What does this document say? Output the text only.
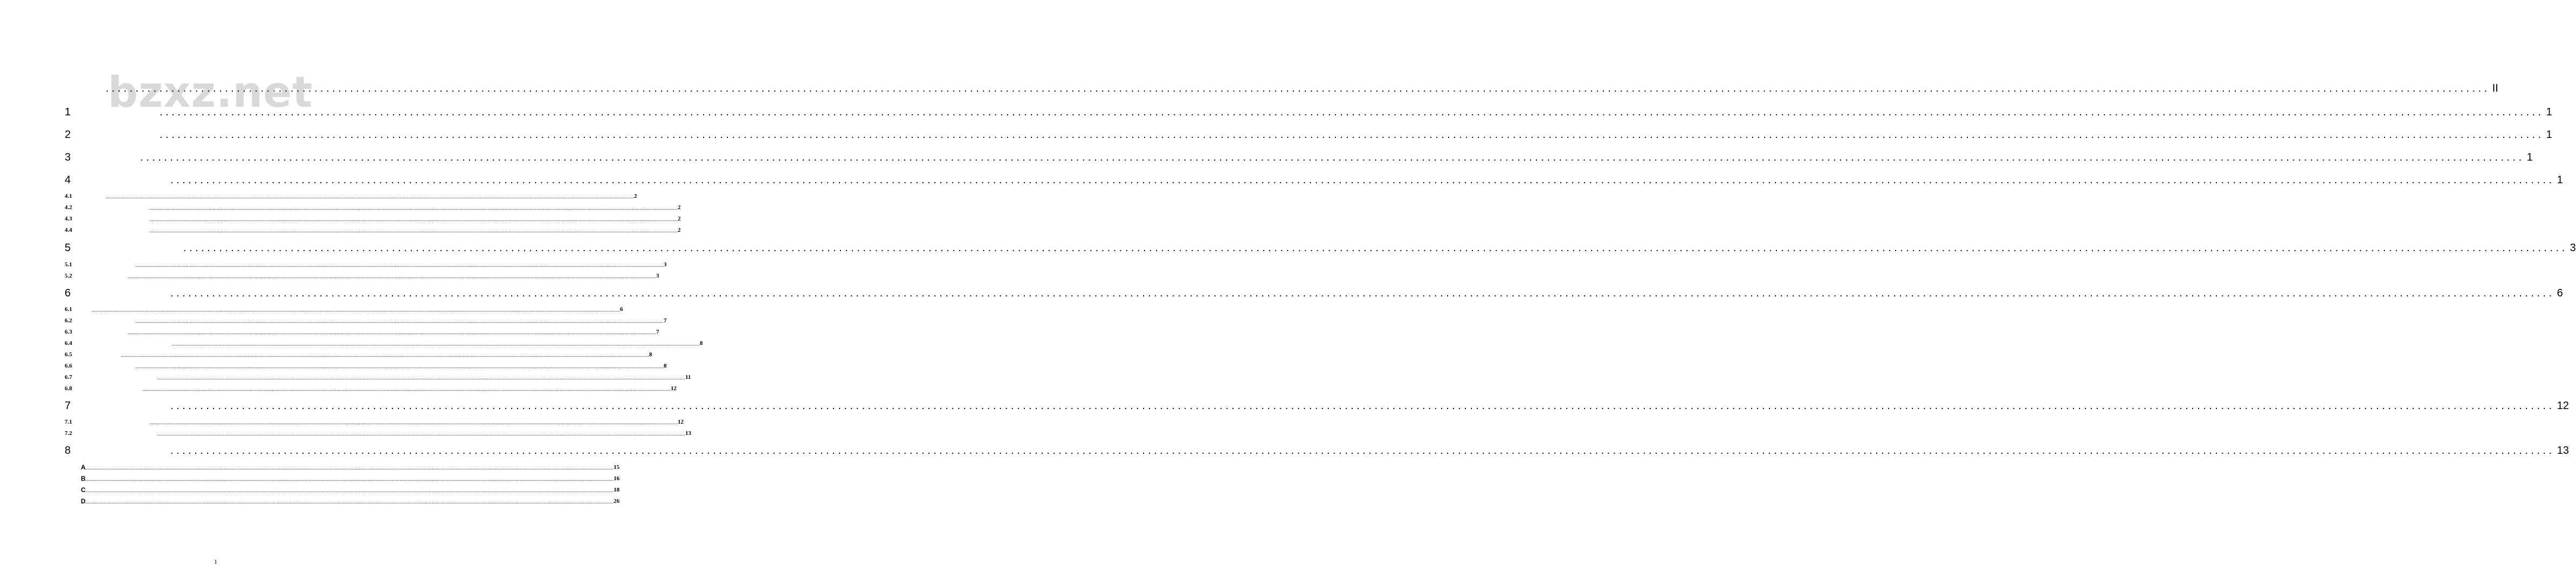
bzxz.net
................................................................................................................................................................................................................................................................................................................................................................................................................ II
1	................................................................................................................................................................................................................................................................................................................................................................................................................ 1
2	................................................................................................................................................................................................................................................................................................................................................................................................................ 1
3	................................................................................................................................................................................................................................................................................................................................................................................................................ 1
4	................................................................................................................................................................................................................................................................................................................................................................................................................ 1
4.1	................................................................................................................................................................................................................................................................................................................................................................................................................ 2
4.2	................................................................................................................................................................................................................................................................................................................................................................................................................ 2
4.3	................................................................................................................................................................................................................................................................................................................................................................................................................ 2
4.4	................................................................................................................................................................................................................................................................................................................................................................................................................ 2
5	................................................................................................................................................................................................................................................................................................................................................................................................................ 3
5.1	................................................................................................................................................................................................................................................................................................................................................................................................................ 3
5.2	................................................................................................................................................................................................................................................................................................................................................................................................................ 3
6	................................................................................................................................................................................................................................................................................................................................................................................................................ 6
6.1	................................................................................................................................................................................................................................................................................................................................................................................................................ 6
6.2	................................................................................................................................................................................................................................................................................................................................................................................................................ 7
6.3	................................................................................................................................................................................................................................................................................................................................................................................................................ 7
6.4	................................................................................................................................................................................................................................................................................................................................................................................................................ 8
6.5	................................................................................................................................................................................................................................................................................................................................................................................................................ 8
6.6	................................................................................................................................................................................................................................................................................................................................................................................................................ 8
6.7	................................................................................................................................................................................................................................................................................................................................................................................................................ 11
6.8	................................................................................................................................................................................................................................................................................................................................................................................................................ 12
7	................................................................................................................................................................................................................................................................................................................................................................................................................ 12
7.1	................................................................................................................................................................................................................................................................................................................................................................................................................ 12
7.2	................................................................................................................................................................................................................................................................................................................................................................................................................ 13
8	................................................................................................................................................................................................................................................................................................................................................................................................................ 13
A ................................................................................................................................................................................................................................................................................................................................................................................................................ 15
B ................................................................................................................................................................................................................................................................................................................................................................................................................ 16
C ................................................................................................................................................................................................................................................................................................................................................................................................................ 18
D ................................................................................................................................................................................................................................................................................................................................................................................................................ 26
1
